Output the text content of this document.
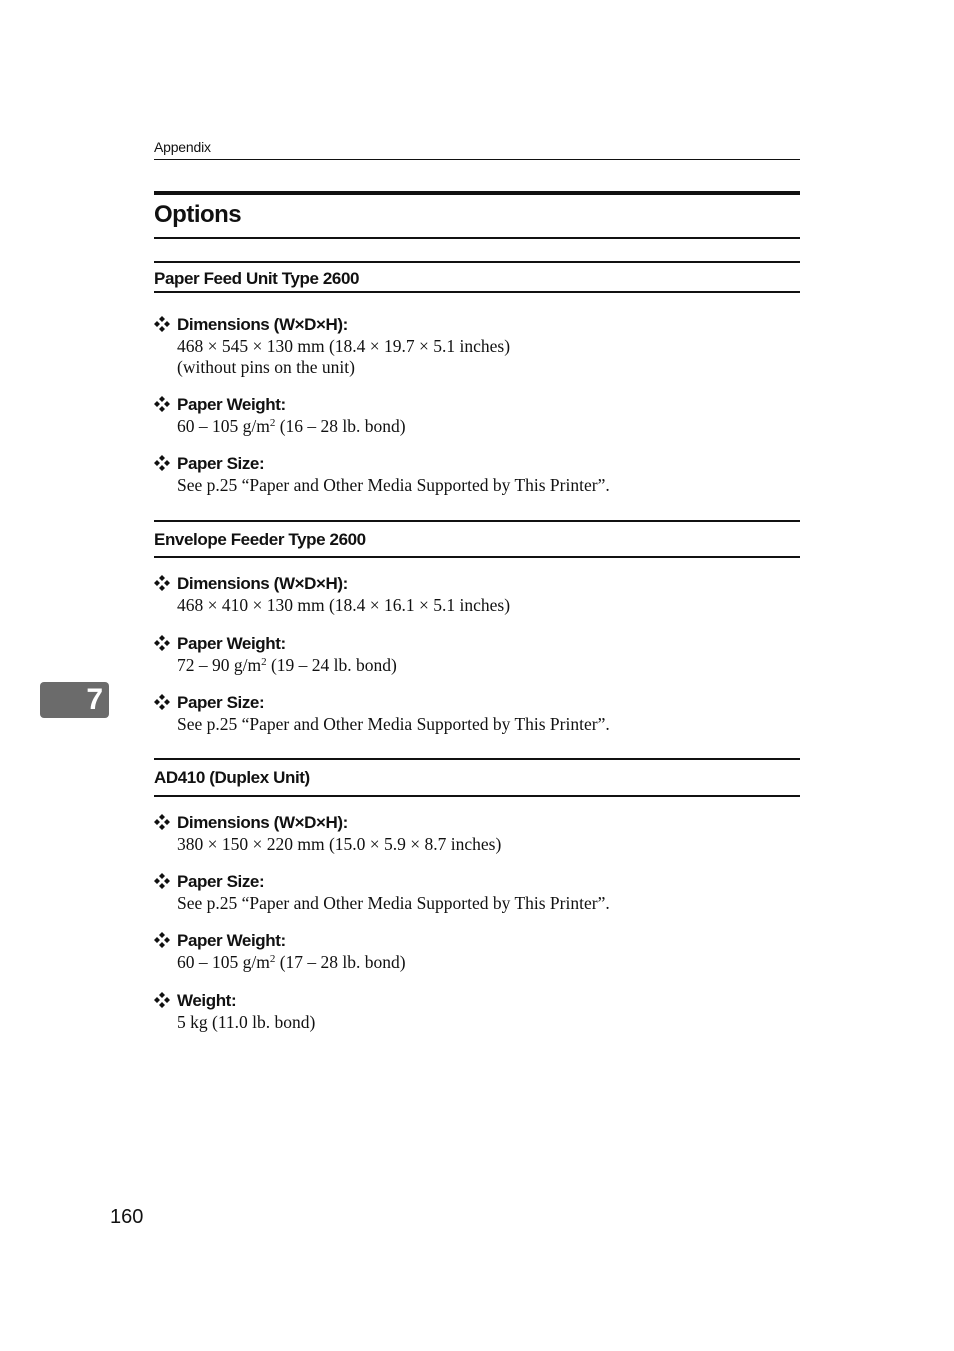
Appendix
Options
Paper Feed Unit Type 2600
Dimensions (W×D×H):
468 × 545 × 130 mm (18.4 × 19.7 × 5.1 inches)
(without pins on the unit)
Paper Weight:
60 – 105 $g/m^2$ (16 – 28 lb. bond)
Paper Size:
See p.25 “Paper and Other Media Supported by This Printer”.
Envelope Feeder Type 2600
Dimensions (W×D×H):
468 × 410 × 130 mm (18.4 × 16.1 × 5.1 inches)
Paper Weight:
72 – 90 $g/m^2$ (19 – 24 lb. bond)
Paper Size:
See p.25 “Paper and Other Media Supported by This Printer”.
AD410 (Duplex Unit)
Dimensions (W×D×H):
380 × 150 × 220 mm (15.0 × 5.9 × 8.7 inches)
Paper Size:
See p.25 “Paper and Other Media Supported by This Printer”.
Paper Weight:
60 – 105 $g/m^2$ (17 – 28 lb. bond)
Weight:
5 kg (11.0 lb. bond)
7
160
